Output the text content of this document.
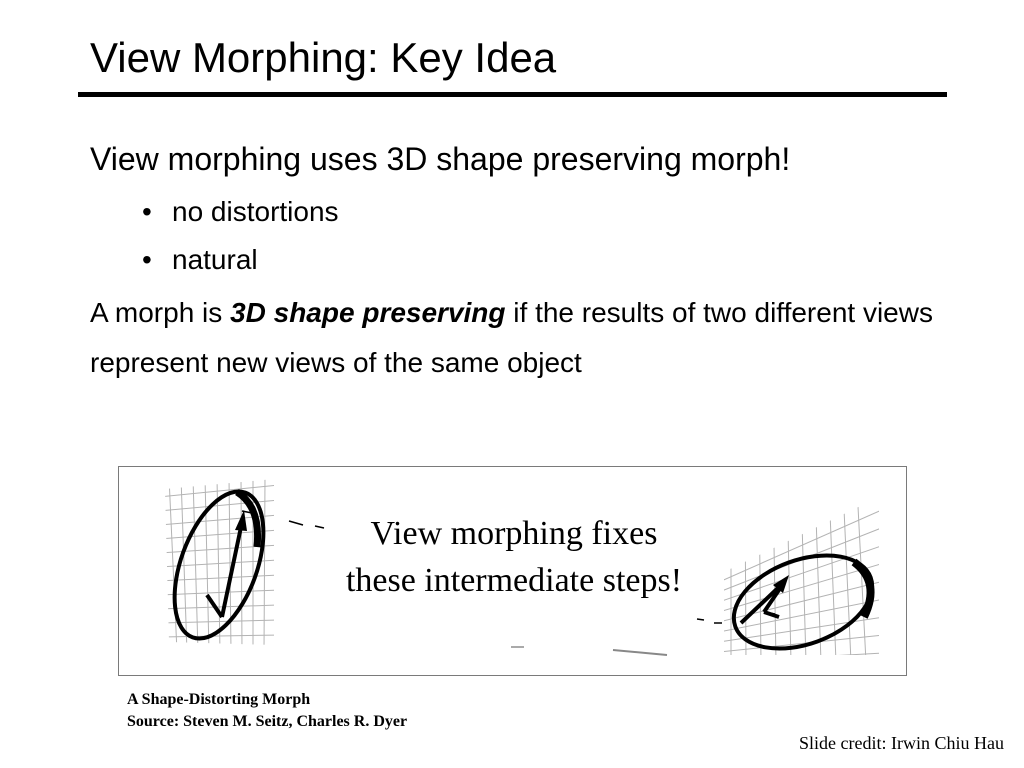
View Morphing: Key Idea

View morphing uses 3D shape preserving morph!

• no distortions
• natural

A morph is 3D shape preserving if the results of two different views represent new views of the same object

View morphing fixes these intermediate steps!
A Shape-Distorting Morph
Source: Steven M. Seitz, Charles R. Dyer
Slide credit: Irwin Chiu Hau
